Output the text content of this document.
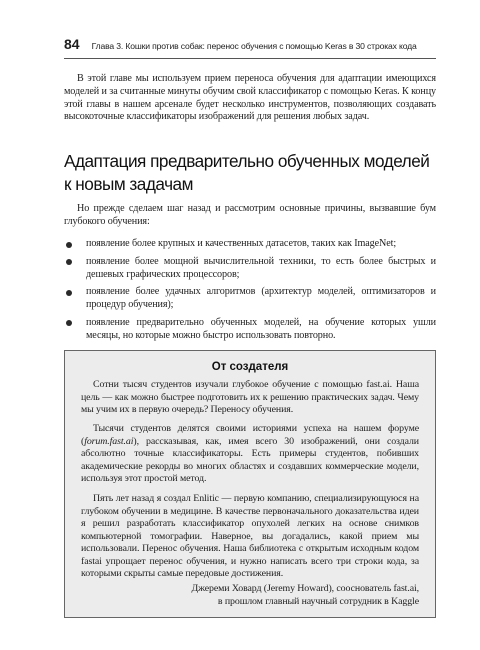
84 Глава 3. Кошки против собак: перенос обучения с помощью Keras в 30 строках кода

В этой главе мы используем прием переноса обучения для адаптации имеющихся моделей и за считанные минуты обучим свой классификатор с помощью Keras. К концу этой главы в нашем арсенале будет несколько инструментов, позволяющих создавать высокоточные классификаторы изображений для решения любых задач.

Адаптация предварительно обученных моделей к новым задачам

Но прежде сделаем шаг назад и рассмотрим основные причины, вызвавшие бум глубокого обучения:

появление более крупных и качественных датасетов, таких как ImageNet;
появление более мощной вычислительной техники, то есть более быстрых и дешевых графических процессоров;
появление более удачных алгоритмов (архитектур моделей, оптимизаторов и процедур обучения);
появление предварительно обученных моделей, на обучение которых ушли месяцы, но которые можно быстро использовать повторно.
От создателя

Сотни тысяч студентов изучали глубокое обучение с помощью fast.ai. Наша цель — как можно быстрее подготовить их к решению практических задач. Чему мы учим их в первую очередь? Переносу обучения.

Тысячи студентов делятся своими историями успеха на нашем форуме (forum.fast.ai), рассказывая, как, имея всего 30 изображений, они создали абсолютно точные классификаторы. Есть примеры студентов, побивших академические рекорды во многих областях и создавших коммерческие модели, используя этот простой метод.

Пять лет назад я создал Enlitic — первую компанию, специализирующуюся на глубоком обучении в медицине. В качестве первоначального доказательства идеи я решил разработать классификатор опухолей легких на основе снимков компьютерной томографии. Наверное, вы догадались, какой прием мы использовали. Перенос обучения. Наша библиотека с открытым исходным кодом fastai упрощает перенос обучения, и нужно написать всего три строки кода, за которыми скрыты самые передовые достижения.

Джереми Ховард (Jeremy Howard), сооснователь fast.ai,
в прошлом главный научный сотрудник в Kaggle
